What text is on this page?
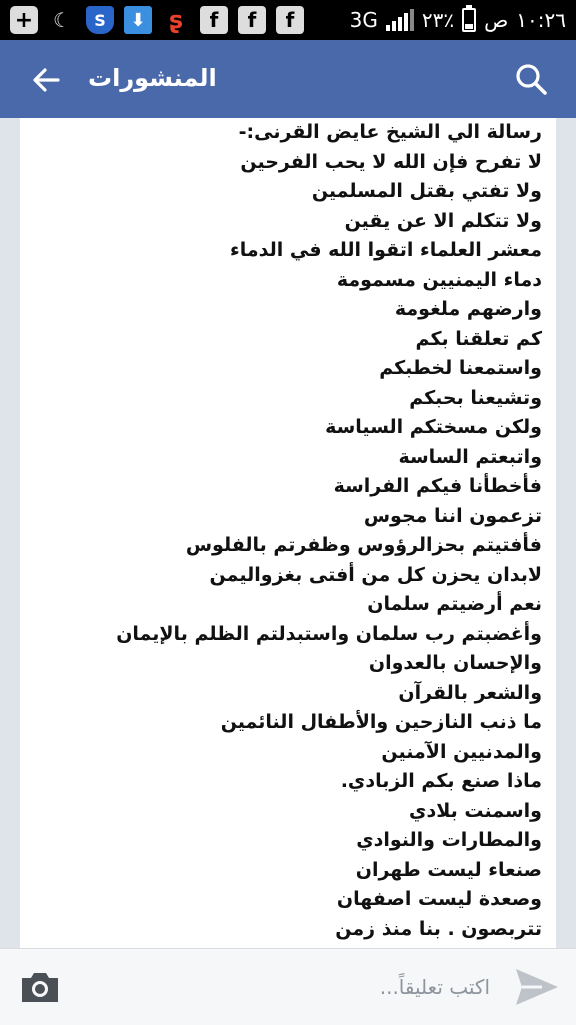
+ ☾	S	⬇ ʂ	f	f	f	3G ٢٣٪ ص ١٠:٢٦
المنشورات
رسالة الي الشيخ عايض القرنى:-
لا تفرح فإن الله لا يحب الفرحين
ولا تفتي بقتل المسلمين
ولا تتكلم الا عن يقين
معشر العلماء اتقوا الله في الدماء
دماء اليمنيين مسمومة
وارضهم ملغومة
كم تعلقنا بكم
واستمعنا لخطبكم
وتشيعنا بحبكم
ولكن مسختكم السياسة
واتبعتم الساسة
فأخطأنا فيكم الفراسة
تزعمون اننا مجوس
فأفتيتم بحزالرؤوس وظفرتم بالفلوس
لابدان يحزن كل من أفتى بغزواليمن
نعم أرضيتم سلمان
وأغضبتم رب سلمان واستبدلتم الظلم بالإيمان والإحسان بالعدوان
والشعر بالقرآن
ما ذنب النازحين والأطفال النائمين
والمدنيين الآمنين
ماذا صنع بكم الزبادي.
واسمنت بلادي
والمطارات والنوادي
صنعاء ليست طهران
وصعدة ليست اصفهان
تتربصون . بنا منذ زمن
اكتب تعليقاً...
